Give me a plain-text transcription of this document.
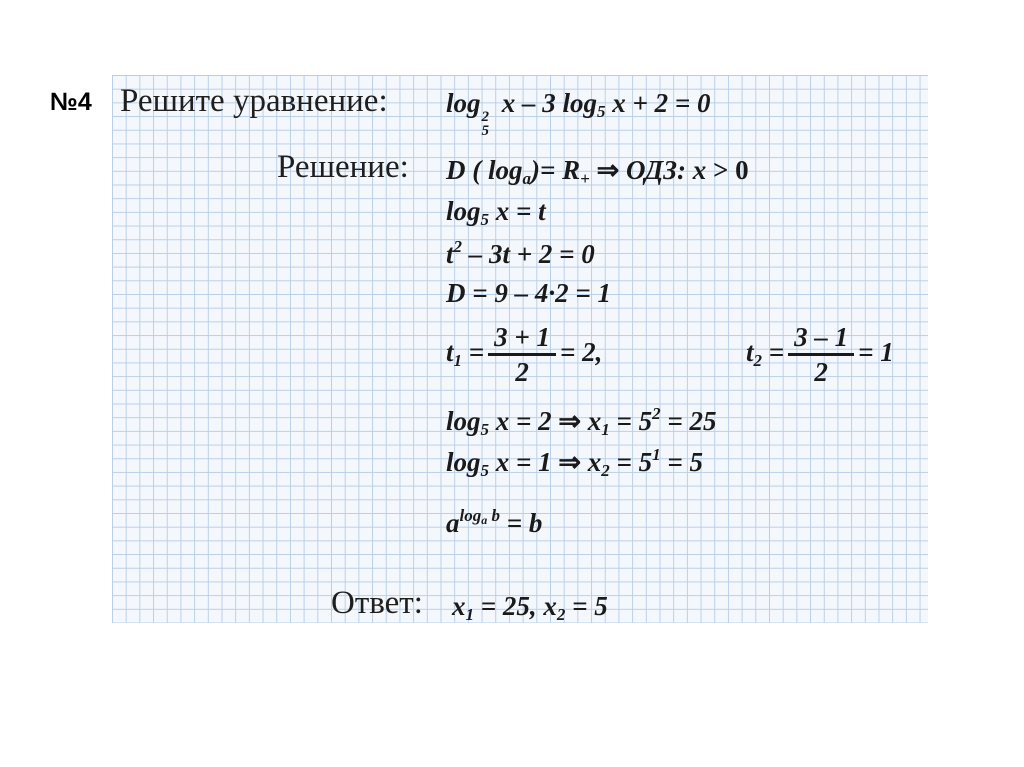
№4 Решите уравнение: log 2
5
x – 3 $\log_5 x + 2 = 0$
Решение: D ( $\log_a)= R_+$ ⇒ ОДЗ: x > 0
$\log_5 x = t$
$t^2 - 3t + 2 = 0$
D = 9 – 4·2 = 1
$t_1 = \frac{3 + 1}{2} = 2$,	$t_2 = \frac{3 - 1}{2} = 1$
$\log_5 x = 2$ ⇒ $x_1 = 5^2 = 25$
$\log_5 x = 1$ ⇒ $x_2 = 5^1 = 5$
$a^{log_a b} = b$
Ответ: $x_1 = 25$, $x_2 = 5$
